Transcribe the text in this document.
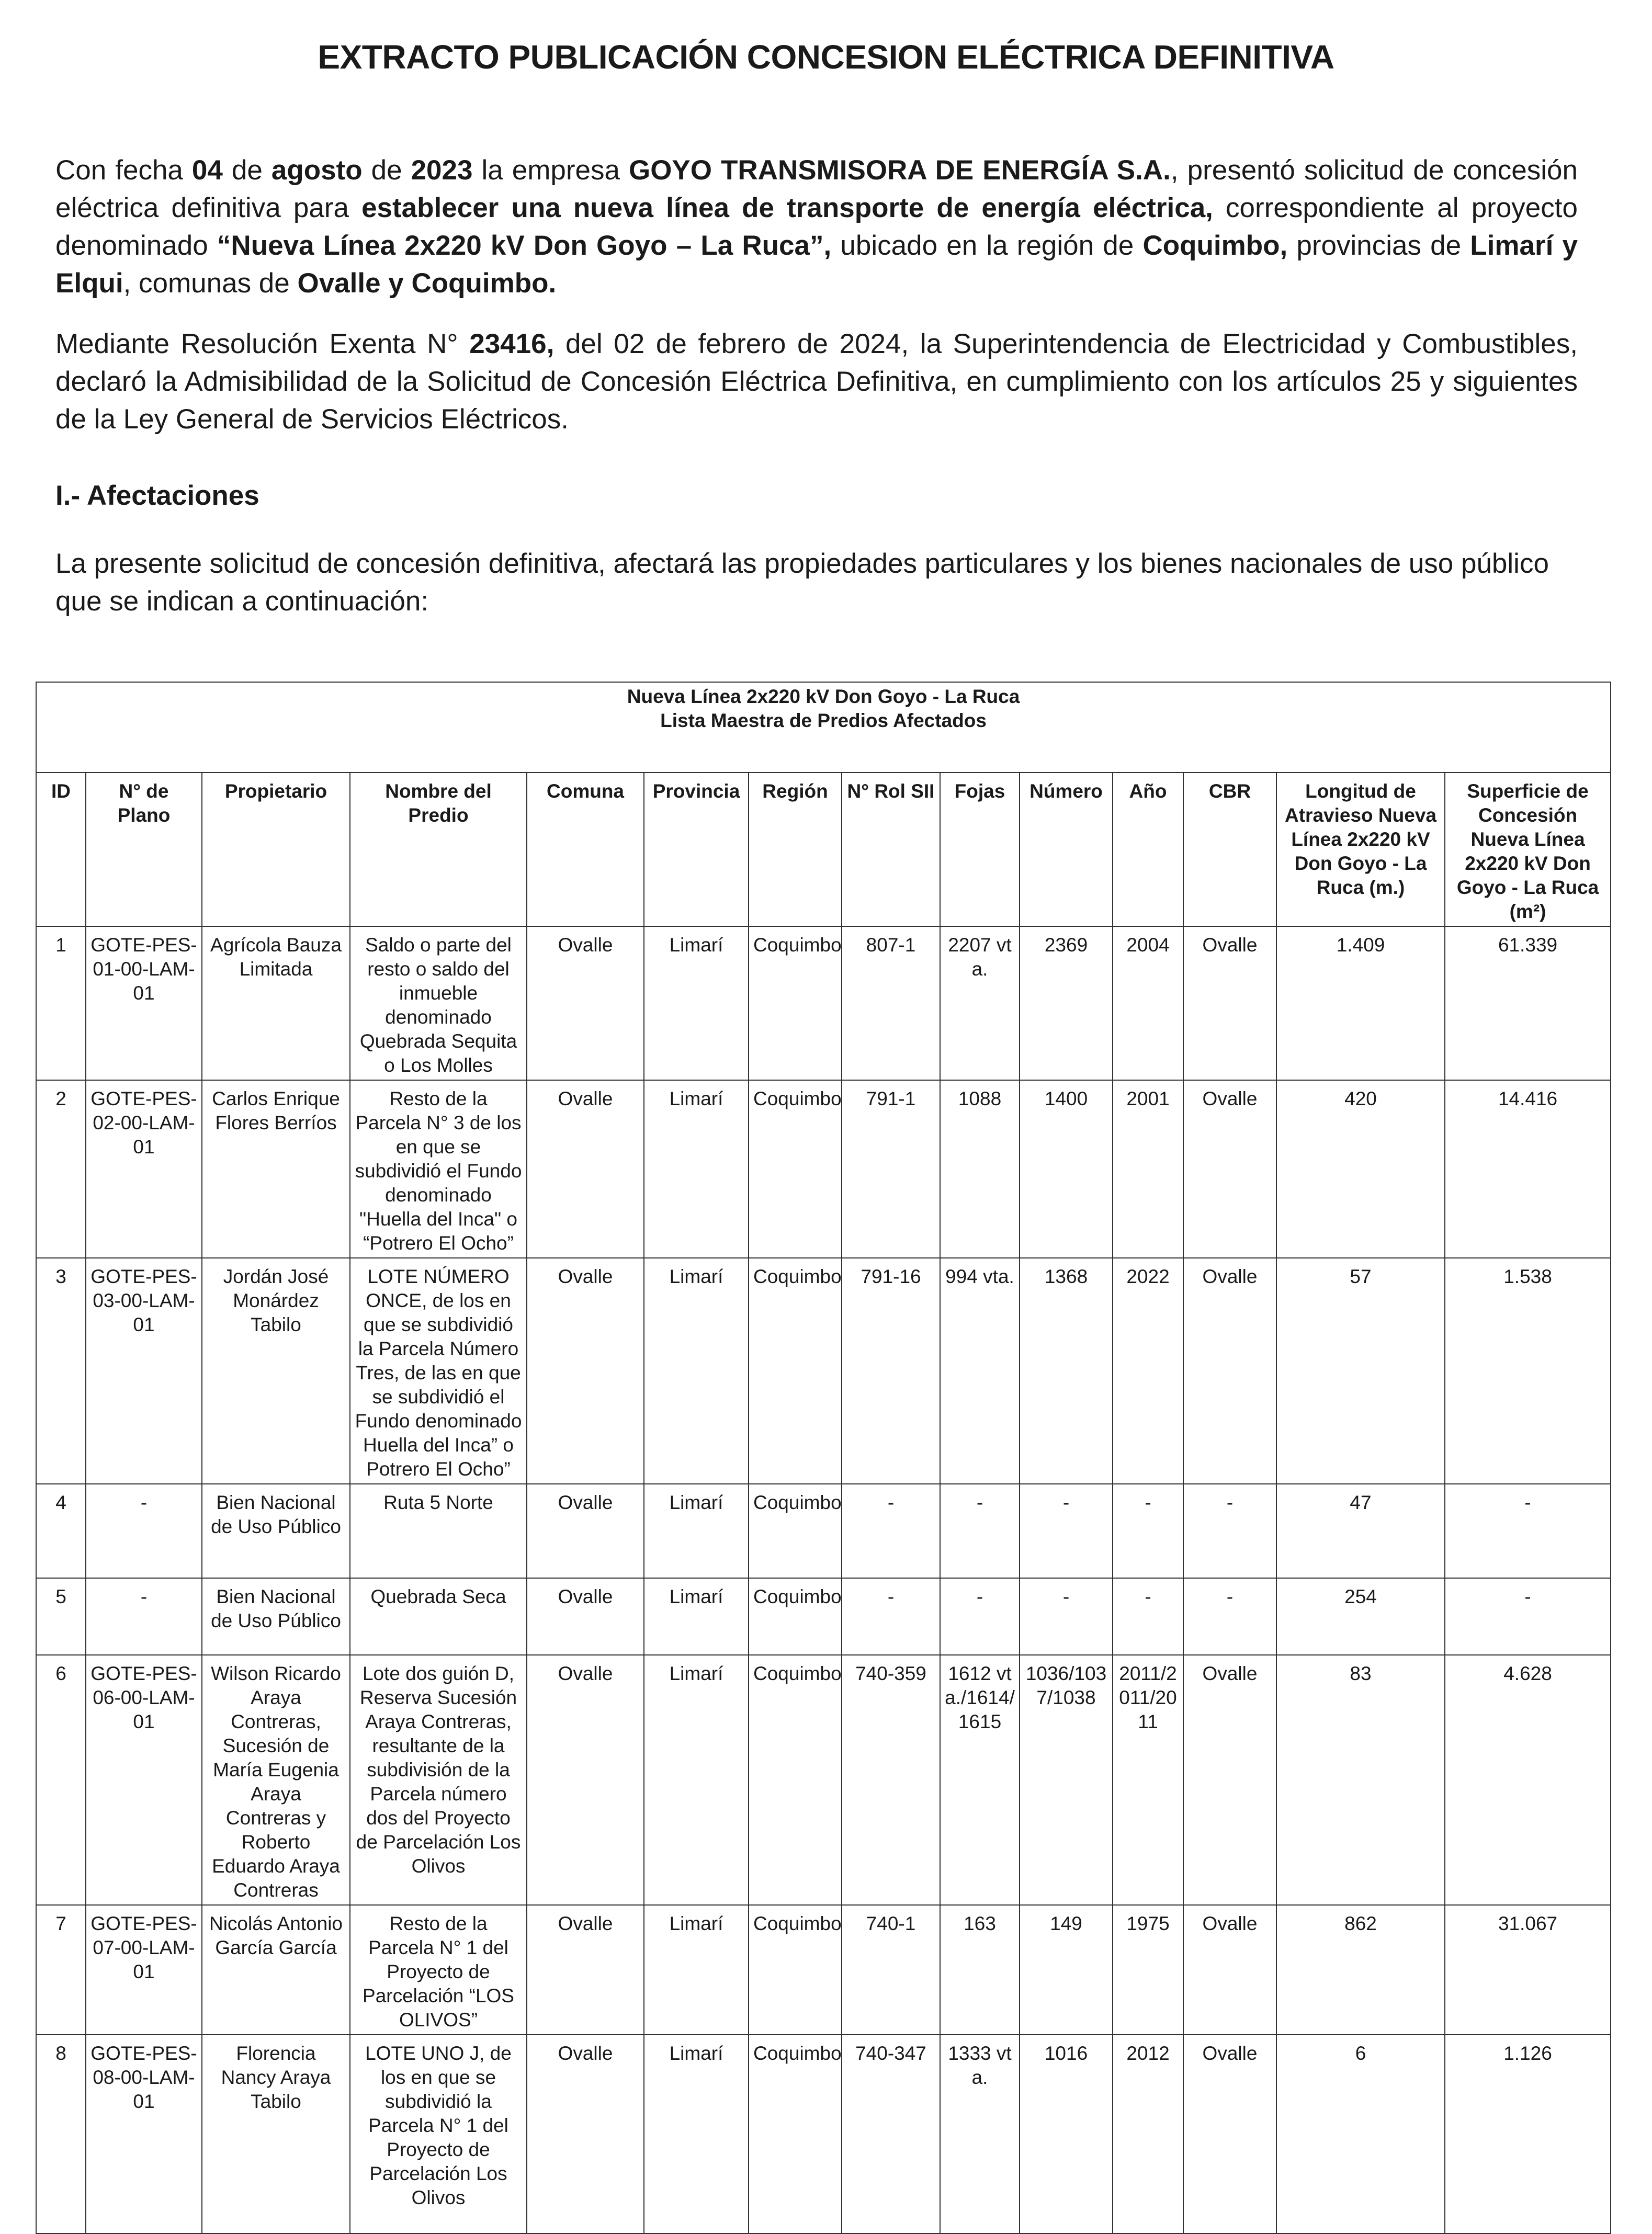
EXTRACTO PUBLICACIÓN CONCESION ELÉCTRICA DEFINITIVA
Con fecha 04 de agosto de 2023 la empresa GOYO TRANSMISORA DE ENERGÍA S.A., presentó solicitud de concesión eléctrica definitiva para establecer una nueva línea de transporte de energía eléctrica, correspondiente al proyecto denominado “Nueva Línea 2x220 kV Don Goyo – La Ruca”, ubicado en la región de Coquimbo, provincias de Limarí y Elqui, comunas de Ovalle y Coquimbo.
Mediante Resolución Exenta N° 23416, del 02 de febrero de 2024, la Superintendencia de Electricidad y Combustibles, declaró la Admisibilidad de la Solicitud de Concesión Eléctrica Definitiva, en cumplimiento con los artículos 25 y siguientes de la Ley General de Servicios Eléctricos.
I.- Afectaciones
La presente solicitud de concesión definitiva, afectará las propiedades particulares y los bienes nacionales de uso público que se indican a continuación:
Nueva Línea 2x220 kV Don Goyo - La Ruca
Lista Maestra de Predios Afectados													

ID	N° de Plano	Propietario	Nombre del Predio	Comuna	Provincia	Región	N° Rol SII	Fojas	Número	Año	CBR	Longitud de Atravieso Nueva Línea 2x220 kV Don Goyo - La Ruca (m.)	Superficie de Concesión Nueva Línea 2x220 kV Don Goyo - La Ruca (m²)
1	GOTE-PES-01-00-LAM-01	Agrícola Bauza Limitada	Saldo o parte del resto o saldo del inmueble denominado Quebrada Sequita o Los Molles	Ovalle	Limarí	Coquimbo	807-1	2207 vta.	2369	2004	Ovalle	1.409	61.339
2	GOTE-PES-02-00-LAM-01	Carlos Enrique Flores Berríos	Resto de la Parcela N° 3 de los en que se subdividió el Fundo denominado "Huella del Inca" o “Potrero El Ocho”	Ovalle	Limarí	Coquimbo	791-1	1088	1400	2001	Ovalle	420	14.416
3	GOTE-PES-03-00-LAM-01	Jordán José Monárdez Tabilo	LOTE NÚMERO ONCE, de los en que se subdividió la Parcela Número Tres, de las en que se subdividió el Fundo denominado Huella del Inca” o Potrero El Ocho”	Ovalle	Limarí	Coquimbo	791-16	994 vta.	1368	2022	Ovalle	57	1.538
4	-	Bien Nacional de Uso Público	Ruta 5 Norte	Ovalle	Limarí	Coquimbo	-	-	-	-	-	47	-
5	-	Bien Nacional de Uso Público	Quebrada Seca	Ovalle	Limarí	Coquimbo	-	-	-	-	-	254	-
6	GOTE-PES-06-00-LAM-01	Wilson Ricardo Araya Contreras, Sucesión de María Eugenia Araya Contreras y Roberto Eduardo Araya Contreras	Lote dos guión D, Reserva Sucesión Araya Contreras, resultante de la subdivisión de la Parcela número dos del Proyecto de Parcelación Los Olivos	Ovalle	Limarí	Coquimbo	740-359	1612 vta./1614/1615	1036/1037/1038	2011/2011/2011	Ovalle	83	4.628
7	GOTE-PES-07-00-LAM-01	Nicolás Antonio García García	Resto de la Parcela N° 1 del Proyecto de Parcelación “LOS OLIVOS”	Ovalle	Limarí	Coquimbo	740-1	163	149	1975	Ovalle	862	31.067
8	GOTE-PES-08-00-LAM-01	Florencia Nancy Araya Tabilo	LOTE UNO J, de los en que se subdividió la Parcela N° 1 del Proyecto de Parcelación Los Olivos	Ovalle	Limarí	Coquimbo	740-347	1333 vta.	1016	2012	Ovalle	6	1.126
